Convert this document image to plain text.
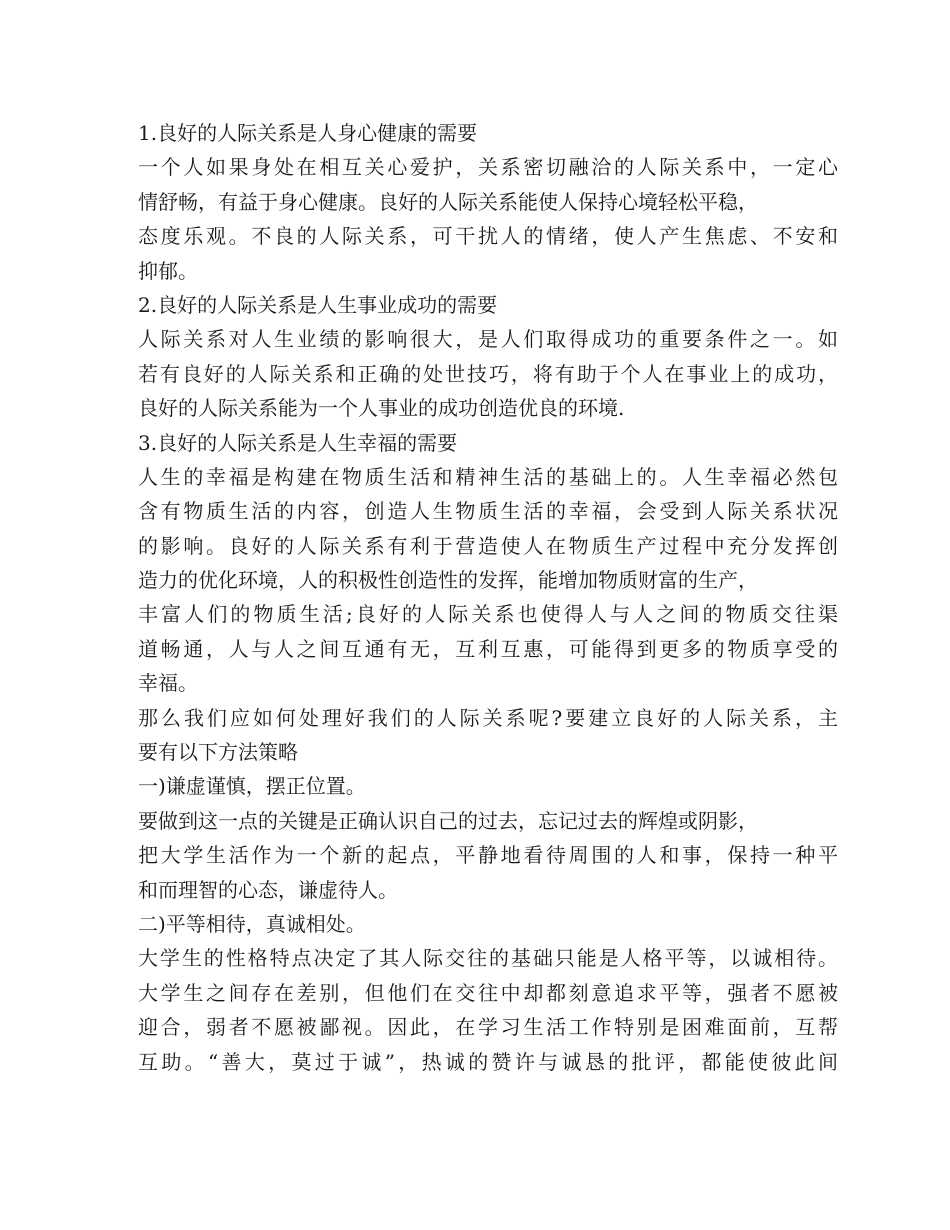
1.良好的人际关系是人身心健康的需要
一个人如果身处在相互关心爱护，关系密切融洽的人际关系中，一定心
情舒畅，有益于身心健康。良好的人际关系能使人保持心境轻松平稳，
态度乐观。不良的人际关系，可干扰人的情绪，使人产生焦虑、不安和
抑郁。
2.良好的人际关系是人生事业成功的需要
人际关系对人生业绩的影响很大，是人们取得成功的重要条件之一。如
若有良好的人际关系和正确的处世技巧，将有助于个人在事业上的成功，
良好的人际关系能为一个人事业的成功创造优良的环境.
3.良好的人际关系是人生幸福的需要
人生的幸福是构建在物质生活和精神生活的基础上的。人生幸福必然包
含有物质生活的内容，创造人生物质生活的幸福，会受到人际关系状况
的影响。良好的人际关系有利于营造使人在物质生产过程中充分发挥创
造力的优化环境，人的积极性创造性的发挥，能增加物质财富的生产，
丰富人们的物质生活;良好的人际关系也使得人与人之间的物质交往渠
道畅通，人与人之间互通有无，互利互惠，可能得到更多的物质享受的
幸福。
那么我们应如何处理好我们的人际关系呢?要建立良好的人际关系，主
要有以下方法策略
一)谦虚谨慎，摆正位置。
要做到这一点的关键是正确认识自己的过去，忘记过去的辉煌或阴影，
把大学生活作为一个新的起点，平静地看待周围的人和事，保持一种平
和而理智的心态，谦虚待人。
二)平等相待，真诚相处。
大学生的性格特点决定了其人际交往的基础只能是人格平等，以诚相待。
大学生之间存在差别，但他们在交往中却都刻意追求平等，强者不愿被
迎合，弱者不愿被鄙视。因此，在学习生活工作特别是困难面前，互帮
互助。“善大，莫过于诚”，热诚的赞许与诚恳的批评，都能使彼此间
